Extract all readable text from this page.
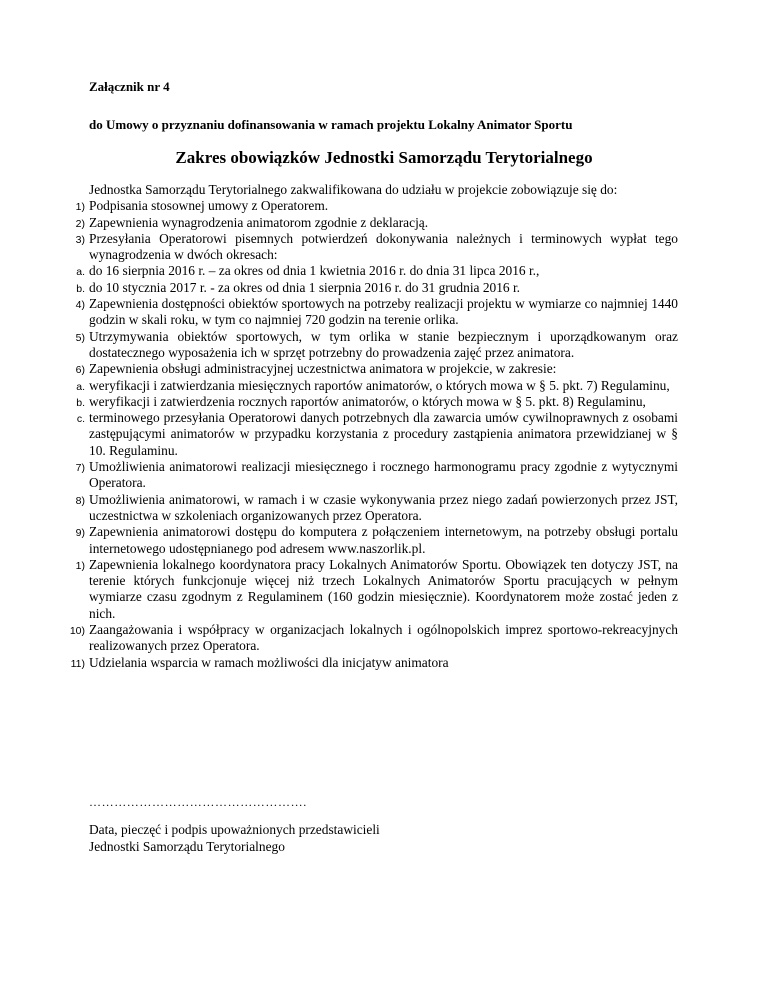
Załącznik nr 4
do Umowy o przyznaniu dofinansowania w ramach projektu Lokalny Animator Sportu
Zakres obowiązków Jednostki Samorządu Terytorialnego

Jednostka Samorządu Terytorialnego zakwalifikowana do udziału w projekcie zobowiązuje się do:

1) Podpisania stosownej umowy z Operatorem.

2) Zapewnienia wynagrodzenia animatorom zgodnie z deklaracją.

3) Przesyłania Operatorowi pisemnych potwierdzeń dokonywania należnych i terminowych wypłat tego wynagrodzenia w dwóch okresach:

a. do 16 sierpnia 2016 r. – za okres od dnia 1 kwietnia 2016 r. do dnia 31 lipca 2016 r.,

b. do 10 stycznia 2017 r. - za okres od dnia 1 sierpnia 2016 r. do 31 grudnia 2016 r.

4) Zapewnienia dostępności obiektów sportowych na potrzeby realizacji projektu w wymiarze co najmniej 1440 godzin w skali roku, w tym co najmniej 720 godzin na terenie orlika.

5) Utrzymywania obiektów sportowych, w tym orlika w stanie bezpiecznym i uporządkowanym oraz dostatecznego wyposażenia ich w sprzęt potrzebny do prowadzenia zajęć przez animatora.

6) Zapewnienia obsługi administracyjnej uczestnictwa animatora w projekcie, w zakresie:

a. weryfikacji i zatwierdzania miesięcznych raportów animatorów, o których mowa w § 5. pkt. 7) Regulaminu,

b. weryfikacji i zatwierdzenia rocznych raportów animatorów, o których mowa w § 5. pkt. 8) Regulaminu,

c. terminowego przesyłania Operatorowi danych potrzebnych dla zawarcia umów cywilnoprawnych z osobami zastępującymi animatorów w przypadku korzystania z procedury zastąpienia animatora przewidzianej w § 10. Regulaminu.

7) Umożliwienia animatorowi realizacji miesięcznego i rocznego harmonogramu pracy zgodnie z wytycznymi Operatora.

8) Umożliwienia animatorowi, w ramach i w czasie wykonywania przez niego zadań powierzonych przez JST, uczestnictwa w szkoleniach organizowanych przez Operatora.

9) Zapewnienia animatorowi dostępu do komputera z połączeniem internetowym, na potrzeby obsługi portalu internetowego udostępnianego pod adresem www.naszorlik.pl.

1) Zapewnienia lokalnego koordynatora pracy Lokalnych Animatorów Sportu. Obowiązek ten dotyczy JST, na terenie których funkcjonuje więcej niż trzech Lokalnych Animatorów Sportu pracujących w pełnym wymiarze czasu zgodnym z Regulaminem (160 godzin miesięcznie). Koordynatorem może zostać jeden z nich.

10) Zaangażowania i współpracy w organizacjach lokalnych i ogólnopolskich imprez sportowo-rekreacyjnych realizowanych przez Operatora.

11) Udzielania wsparcia w ramach możliwości dla inicjatyw animatora

…………………………………………….
Data, pieczęć i podpis upoważnionych przedstawicieli
Jednostki Samorządu Terytorialnego
